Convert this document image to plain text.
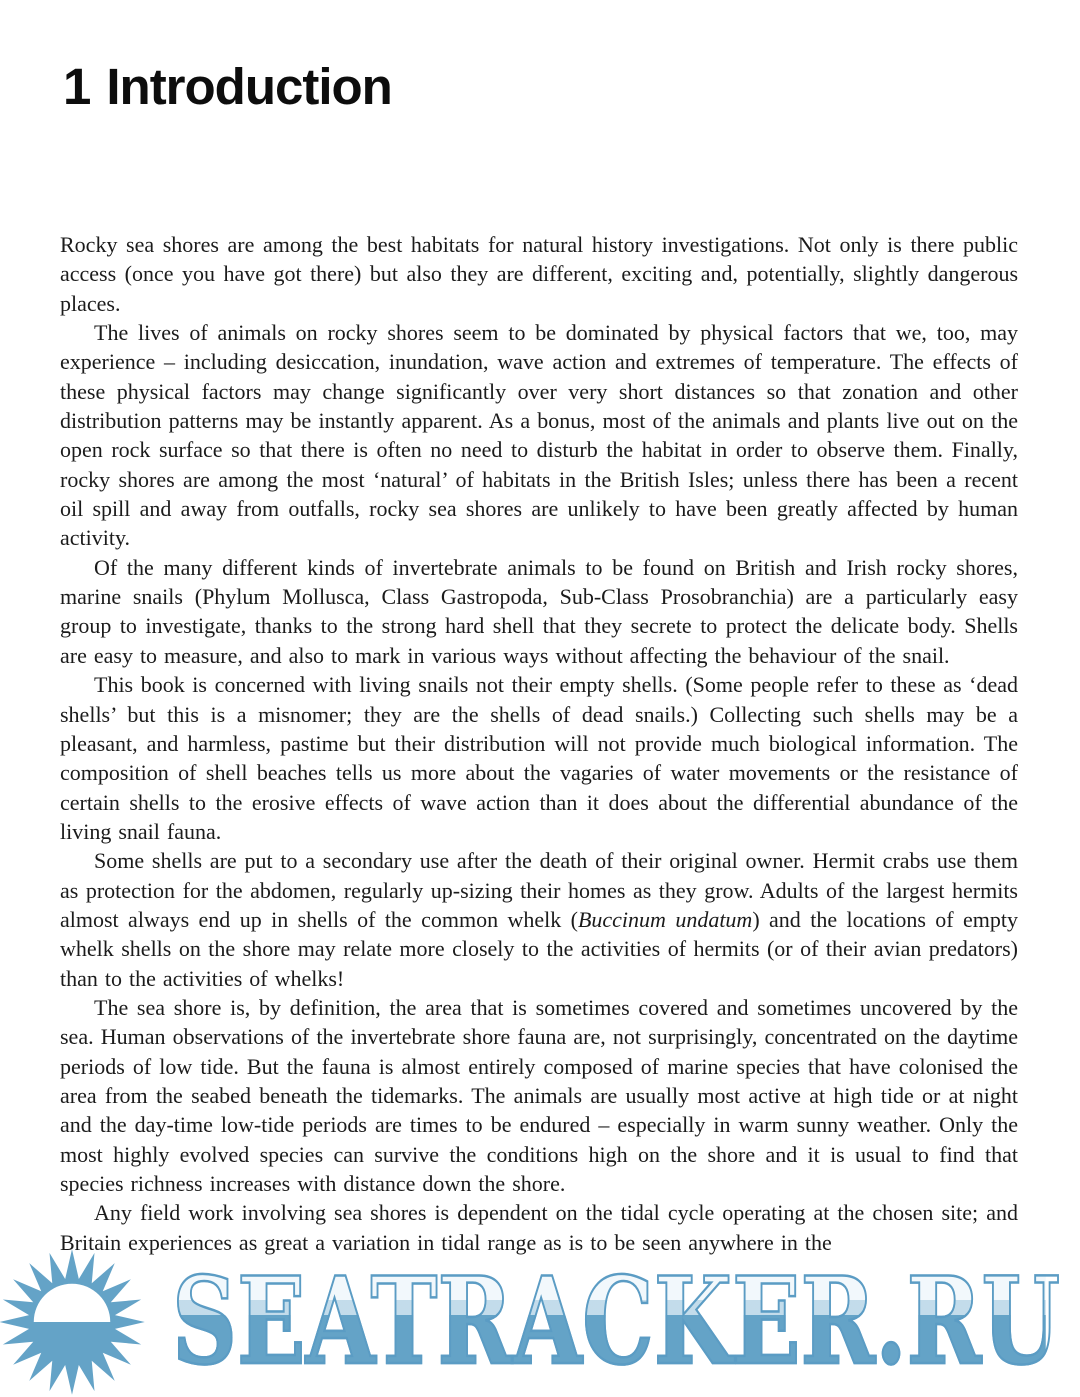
1 Introduction

Rocky sea shores are among the best habitats for natural history investigations. Not only is there public access (once you have got there) but also they are different, exciting and, potentially, slightly dangerous places.

The lives of animals on rocky shores seem to be dominated by physical factors that we, too, may experience – including desiccation, inundation, wave action and extremes of temperature. The effects of these physical factors may change significantly over very short distances so that zonation and other distribution patterns may be instantly apparent. As a bonus, most of the animals and plants live out on the open rock surface so that there is often no need to disturb the habitat in order to observe them. Finally, rocky shores are among the most ‘natural’ of habitats in the British Isles; unless there has been a recent oil spill and away from outfalls, rocky sea shores are unlikely to have been greatly affected by human activity.

Of the many different kinds of invertebrate animals to be found on British and Irish rocky shores, marine snails (Phylum Mollusca, Class Gastropoda, Sub-Class Prosobranchia) are a particularly easy group to investigate, thanks to the strong hard shell that they secrete to protect the delicate body. Shells are easy to measure, and also to mark in various ways without affecting the behaviour of the snail.

This book is concerned with living snails not their empty shells. (Some people refer to these as ‘dead shells’ but this is a misnomer; they are the shells of dead snails.) Collecting such shells may be a pleasant, and harmless, pastime but their distribution will not provide much biological information. The composition of shell beaches tells us more about the vagaries of water movements or the resistance of certain shells to the erosive effects of wave action than it does about the differential abundance of the living snail fauna.

Some shells are put to a secondary use after the death of their original owner. Hermit crabs use them as protection for the abdomen, regularly up-sizing their homes as they grow. Adults of the largest hermits almost always end up in shells of the common whelk (Buccinum undatum) and the locations of empty whelk shells on the shore may relate more closely to the activities of hermits (or of their avian predators) than to the activities of whelks!

The sea shore is, by definition, the area that is sometimes covered and sometimes uncovered by the sea. Human observations of the invertebrate shore fauna are, not surprisingly, concentrated on the daytime periods of low tide. But the fauna is almost entirely composed of marine species that have colonised the area from the seabed beneath the tidemarks. The animals are usually most active at high tide or at night and the day-time low-tide periods are times to be endured – especially in warm sunny weather. Only the most highly evolved species can survive the conditions high on the shore and it is usual to find that species richness increases with distance down the shore.

Any field work involving sea shores is dependent on the tidal cycle operating at the chosen site; and Britain experiences as great a variation in tidal range as is to be seen anywhere in the

SEATRACKER.RU
